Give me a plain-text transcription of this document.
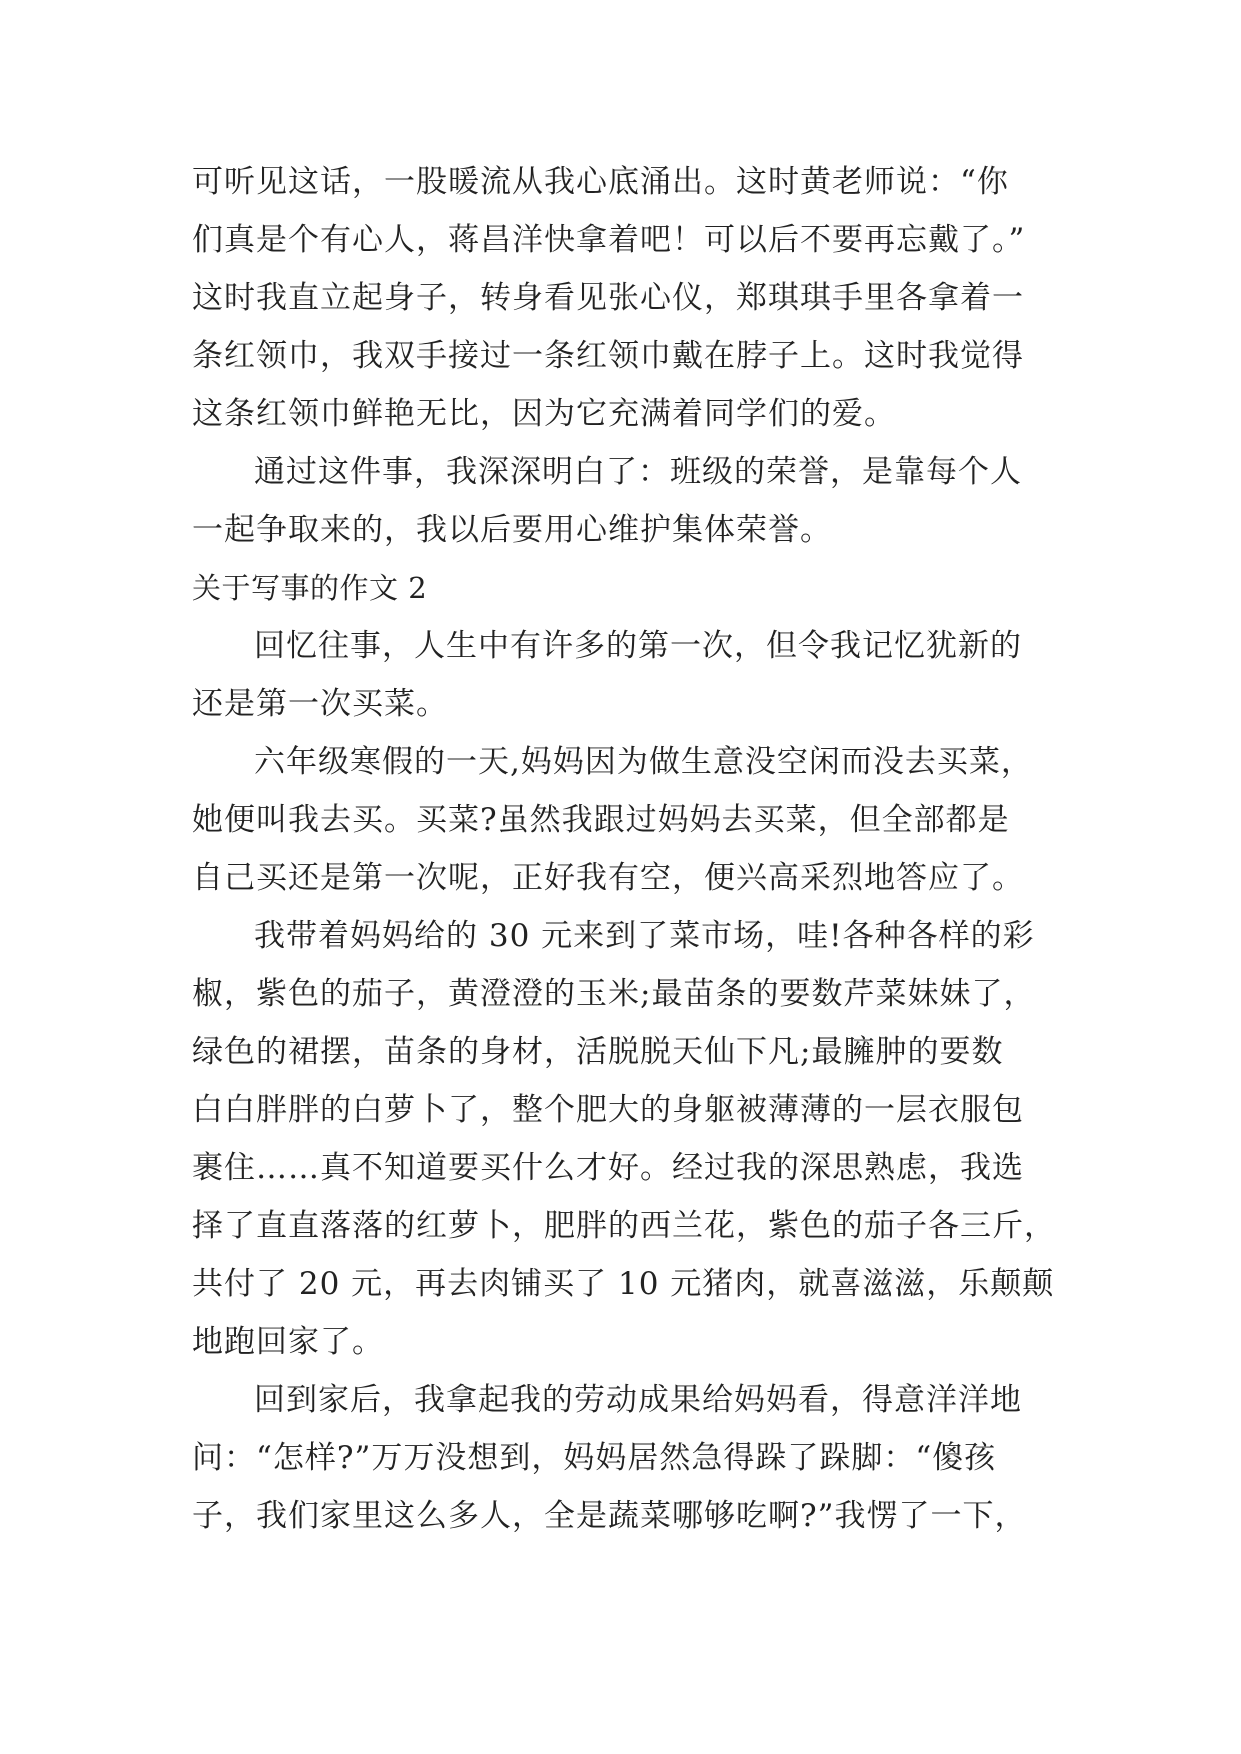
可听见这话，一股暖流从我心底涌出。这时黄老师说：“你
们真是个有心人，蒋昌洋快拿着吧！可以后不要再忘戴了。”
这时我直立起身子，转身看见张心仪，郑琪琪手里各拿着一
条红领巾，我双手接过一条红领巾戴在脖子上。这时我觉得
这条红领巾鲜艳无比，因为它充满着同学们的爱。
通过这件事，我深深明白了：班级的荣誉，是靠每个人
一起争取来的，我以后要用心维护集体荣誉。
关于写事的作文 2
回忆往事，人生中有许多的第一次，但令我记忆犹新的
还是第一次买菜。
六年级寒假的一天,妈妈因为做生意没空闲而没去买菜，
她便叫我去买。买菜?虽然我跟过妈妈去买菜，但全部都是
自己买还是第一次呢，正好我有空，便兴高采烈地答应了。
我带着妈妈给的 30 元来到了菜市场，哇!各种各样的彩
椒，紫色的茄子，黄澄澄的玉米;最苗条的要数芹菜妹妹了，
绿色的裙摆，苗条的身材，活脱脱天仙下凡;最臃肿的要数
白白胖胖的白萝卜了，整个肥大的身躯被薄薄的一层衣服包
裹住……真不知道要买什么才好。经过我的深思熟虑，我选
择了直直落落的红萝卜，肥胖的西兰花，紫色的茄子各三斤，
共付了 20 元，再去肉铺买了 10 元猪肉，就喜滋滋，乐颠颠
地跑回家了。
回到家后，我拿起我的劳动成果给妈妈看，得意洋洋地
问：“怎样?”万万没想到，妈妈居然急得跺了跺脚：“傻孩
子，我们家里这么多人，全是蔬菜哪够吃啊?”我愣了一下，
